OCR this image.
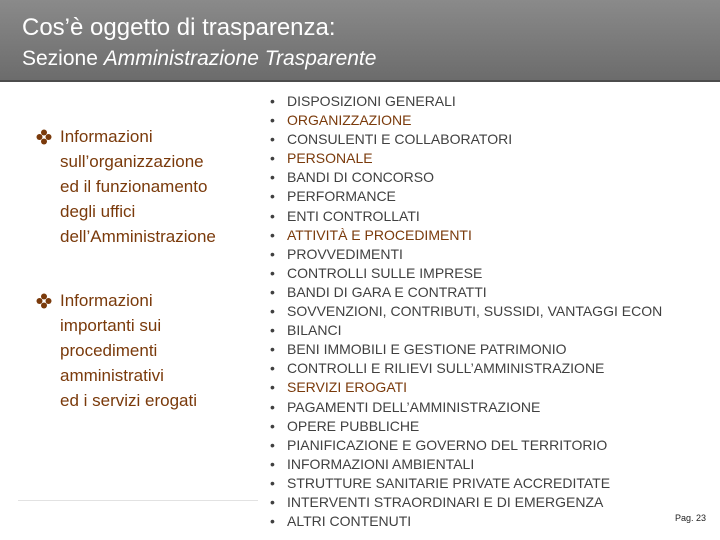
Cos’è oggetto di trasparenza:
Sezione Amministrazione Trasparente
Informazioni
sull’organizzazione
ed il funzionamento
degli uffici
dell’Amministrazione
Informazioni
importanti sui
procedimenti
amministrativi
ed i servizi erogati
• DISPOSIZIONI GENERALI
• ORGANIZZAZIONE
• CONSULENTI E COLLABORATORI
• PERSONALE
• BANDI DI CONCORSO
• PERFORMANCE
• ENTI CONTROLLATI
• ATTIVITÀ E PROCEDIMENTI
• PROVVEDIMENTI
• CONTROLLI SULLE IMPRESE
• BANDI DI GARA E CONTRATTI
• SOVVENZIONI, CONTRIBUTI, SUSSIDI, VANTAGGI ECON
• BILANCI
• BENI IMMOBILI E GESTIONE PATRIMONIO
• CONTROLLI E RILIEVI SULL’AMMINISTRAZIONE
• SERVIZI EROGATI
• PAGAMENTI DELL’AMMINISTRAZIONE
• OPERE PUBBLICHE
• PIANIFICAZIONE E GOVERNO DEL TERRITORIO
• INFORMAZIONI AMBIENTALI
• STRUTTURE SANITARIE PRIVATE ACCREDITATE
• INTERVENTI STRAORDINARI E DI EMERGENZA
• ALTRI CONTENUTI	Pag. 23
